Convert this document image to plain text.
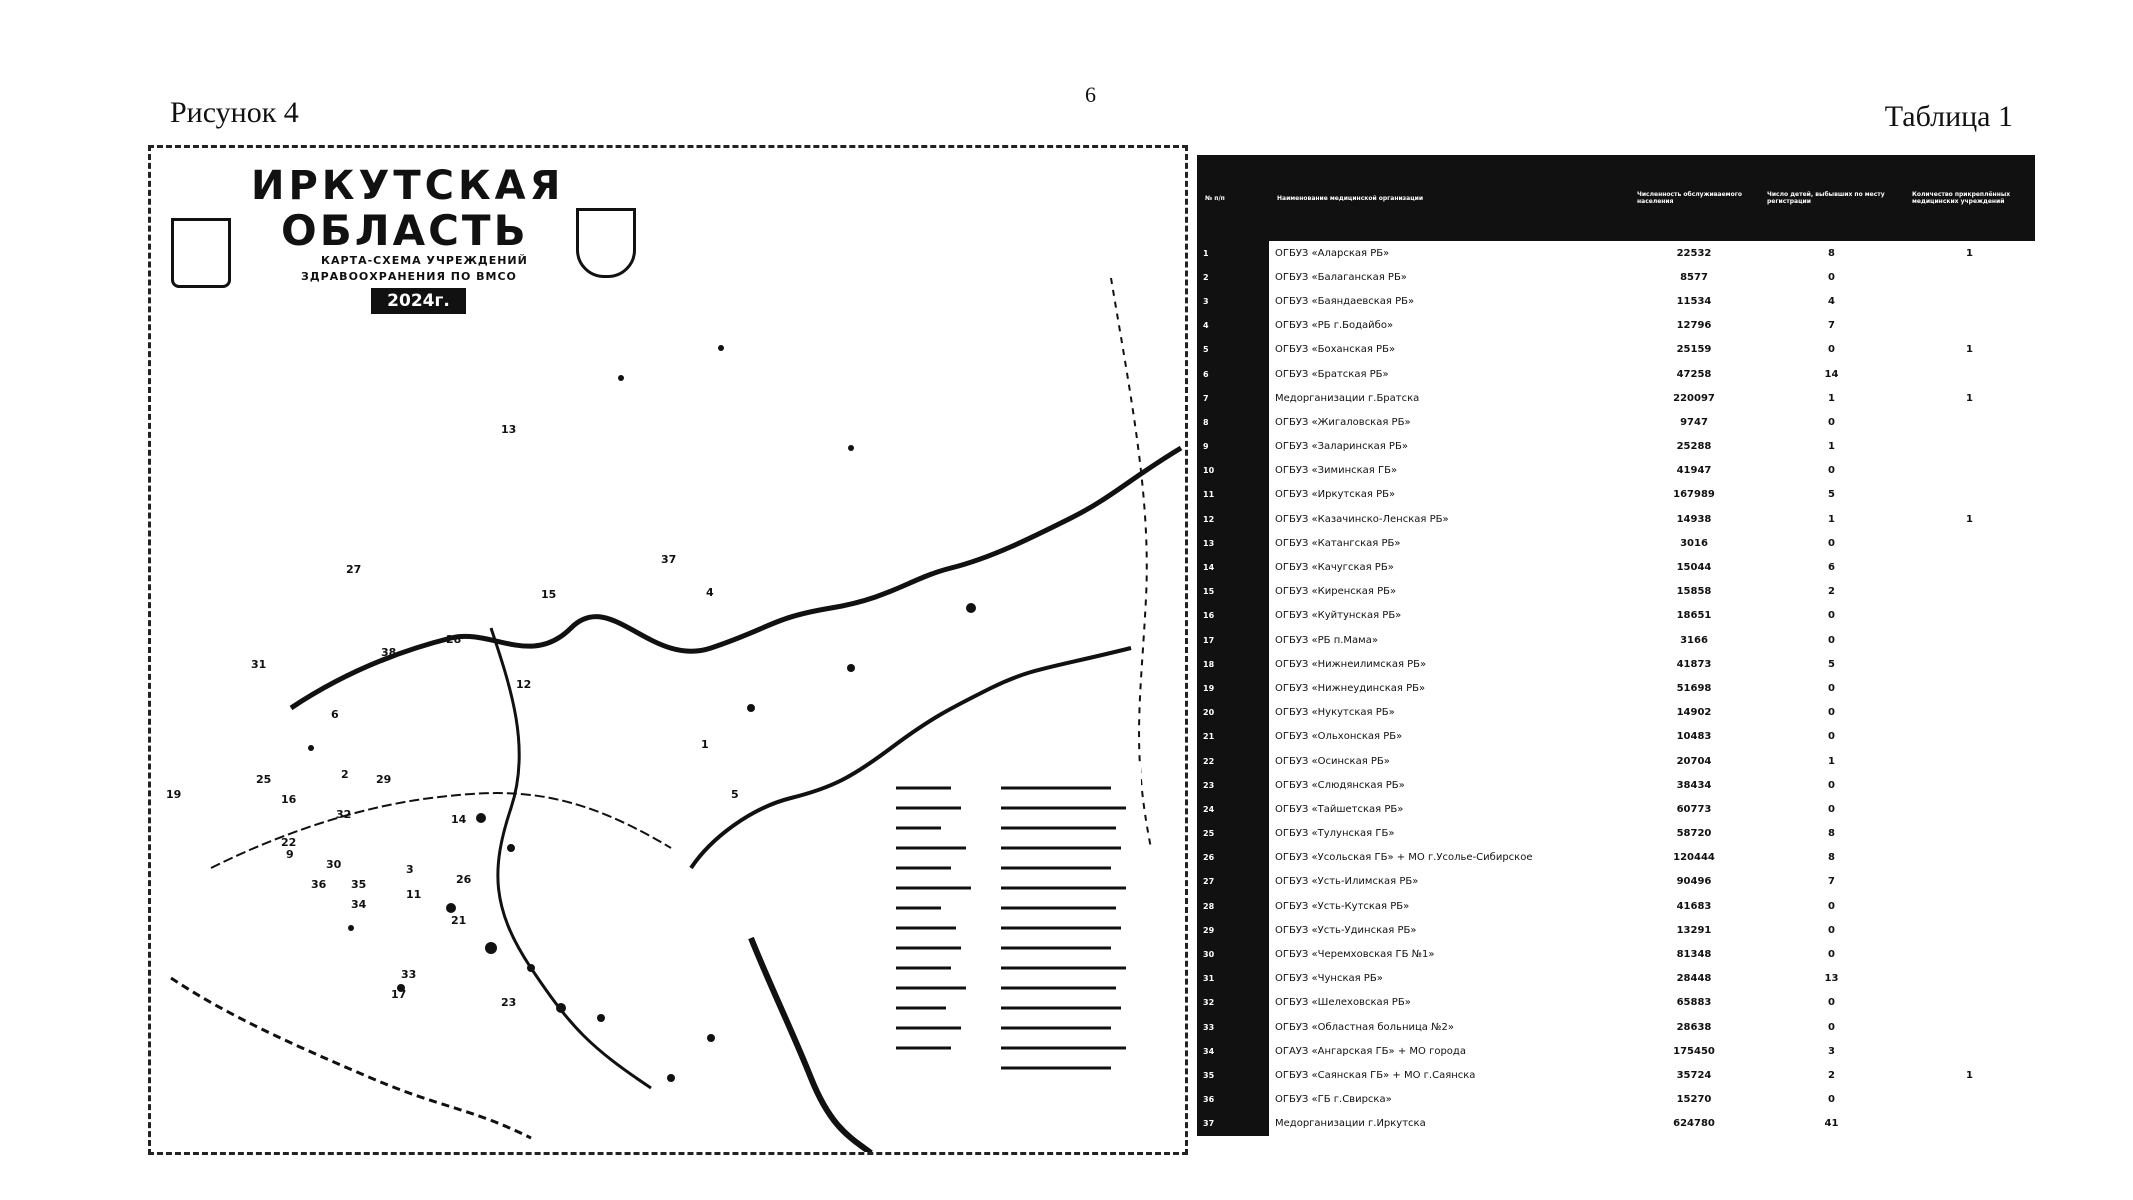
6
Рисунок 4	Таблица 1
ИРКУТСКАЯ
ОБЛАСТЬ
КАРТА-СХЕМА УЧРЕЖДЕНИЙ
ЗДРАВООХРАНЕНИЯ ПО ВМСО
2024г.
13
27
15
37
4
28
38
31
12
6
2 29
19
25
16
32	14
22
9
30
36
3
35	26
21
34
11
33
17
23
5
1
№ п/п	Наименование медицинской организации	Численность обслуживаемого населения	Число детей, выбывших по месту регистрации	Количество прикреплённых медицинских учреждений
1	ОГБУЗ «Аларская РБ»	22532	8	1
2	ОГБУЗ «Балаганская РБ»	8577	0	
3	ОГБУЗ «Баяндаевская РБ»	11534	4	
4	ОГБУЗ «РБ г.Бодайбо»	12796	7	
5	ОГБУЗ «Боханская РБ»	25159	0	1
6	ОГБУЗ «Братская РБ»	47258	14	
7	Медорганизации г.Братска	220097	1	1
8	ОГБУЗ «Жигаловская РБ»	9747	0	
9	ОГБУЗ «Заларинская РБ»	25288	1	
10	ОГБУЗ «Зиминская ГБ»	41947	0	
11	ОГБУЗ «Иркутская РБ»	167989	5	
12	ОГБУЗ «Казачинско-Ленская РБ»	14938	1	1
13	ОГБУЗ «Катангская РБ»	3016	0	
14	ОГБУЗ «Качугская РБ»	15044	6	
15	ОГБУЗ «Киренская РБ»	15858	2	
16	ОГБУЗ «Куйтунская РБ»	18651	0	
17	ОГБУЗ «РБ п.Мама»	3166	0	
18	ОГБУЗ «Нижнеилимская РБ»	41873	5	
19	ОГБУЗ «Нижнеудинская РБ»	51698	0	
20	ОГБУЗ «Нукутская РБ»	14902	0	
21	ОГБУЗ «Ольхонская РБ»	10483	0	
22	ОГБУЗ «Осинская РБ»	20704	1	
23	ОГБУЗ «Слюдянская РБ»	38434	0	
24	ОГБУЗ «Тайшетская РБ»	60773	0	
25	ОГБУЗ «Тулунская ГБ»	58720	8	
26	ОГБУЗ «Усольская ГБ» + МО г.Усолье-Сибирское	120444	8	
27	ОГБУЗ «Усть-Илимская РБ»	90496	7	
28	ОГБУЗ «Усть-Кутская РБ»	41683	0	
29	ОГБУЗ «Усть-Удинская РБ»	13291	0	
30	ОГБУЗ «Черемховская ГБ №1»	81348	0	
31	ОГБУЗ «Чунская РБ»	28448	13	
32	ОГБУЗ «Шелеховская РБ»	65883	0	
33	ОГБУЗ «Областная больница №2»	28638	0	
34	ОГАУЗ «Ангарская ГБ» + МО города	175450	3	
35	ОГБУЗ «Саянская ГБ» + МО г.Саянска	35724	2	1
36	ОГБУЗ «ГБ г.Свирска»	15270	0	
37	Медорганизации г.Иркутска	624780	41	
